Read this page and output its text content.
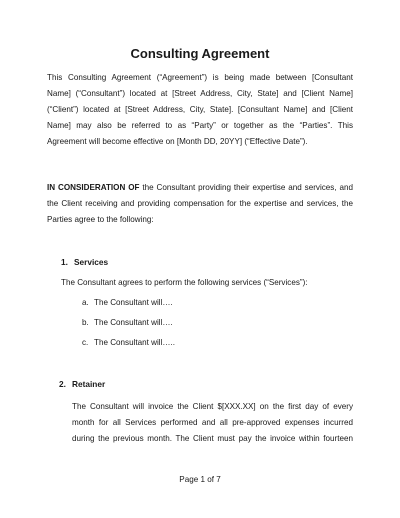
Consulting Agreement

This Consulting Agreement (“Agreement”) is being made between [Consultant
Name] (“Consultant”) located at [Street Address, City, State] and [Client Name]
(“Client”) located at [Street Address, City, State]. [Consultant Name] and [Client
Name] may also be referred to as “Party” or together as the “Parties”. This
Agreement will become effective on [Month DD, 20YY] (“Effective Date”).

IN CONSIDERATION OF the Consultant providing their expertise and services, and
the Client receiving and providing compensation for the expertise and services, the
Parties agree to the following:

1. Services
The Consultant agrees to perform the following services (“Services”):
a. The Consultant will….
b. The Consultant will….
c. The Consultant will…..
2. Retainer
The Consultant will invoice the Client $[XXX.XX] on the first day of every
month for all Services performed and all pre-approved expenses incurred
during the previous month. The Client must pay the invoice within fourteen
Page 1 of 7
